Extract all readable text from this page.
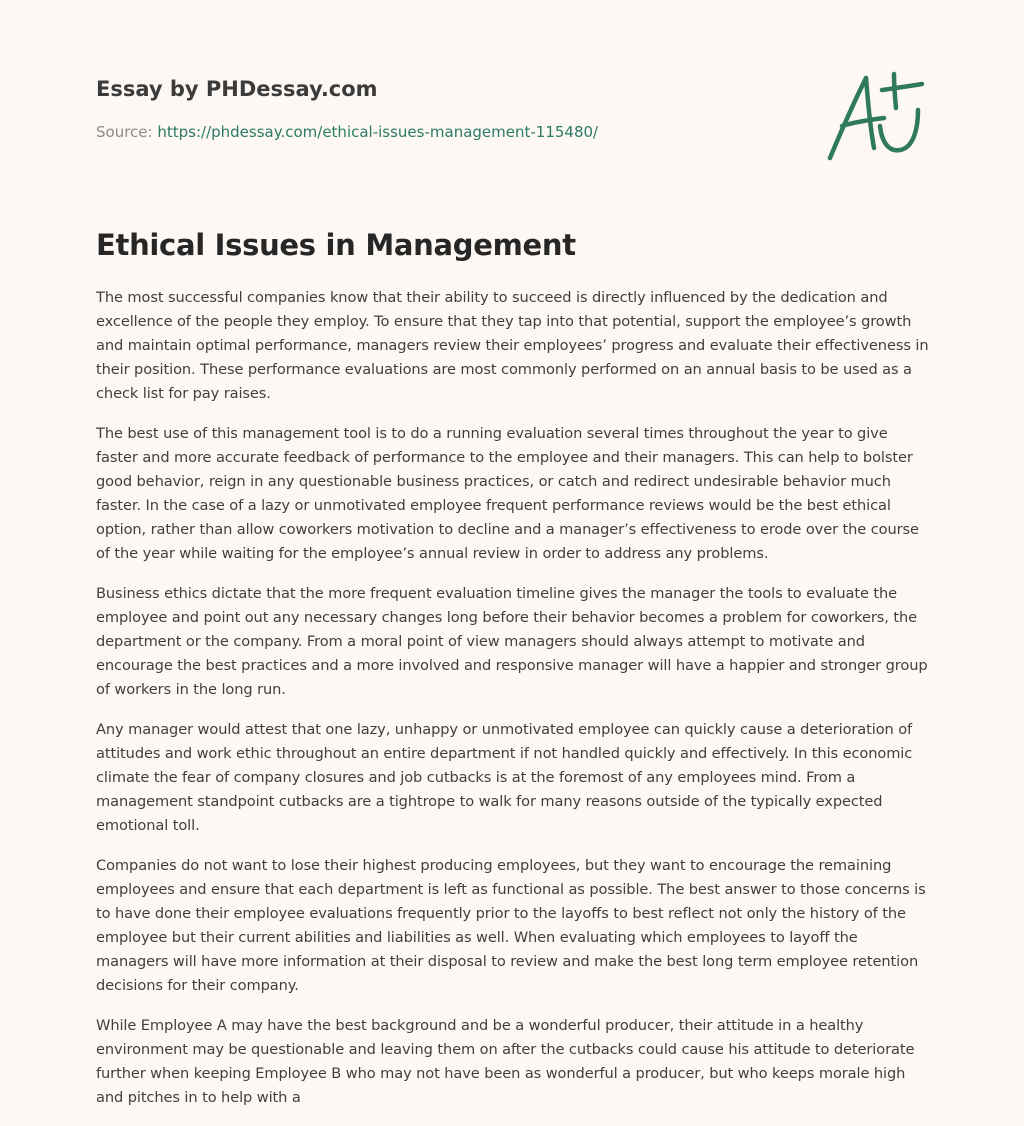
Essay by PHDessay.com
Source: https://phdessay.com/ethical-issues-management-115480/
Ethical Issues in Management

The most successful companies know that their ability to succeed is directly influenced by the dedication and excellence of the people they employ. To ensure that they tap into that potential, support the employee’s growth and maintain optimal performance, managers review their employees’ progress and evaluate their effectiveness in their position. These performance evaluations are most commonly performed on an annual basis to be used as a check list for pay raises.

The best use of this management tool is to do a running evaluation several times throughout the year to give faster and more accurate feedback of performance to the employee and their managers. This can help to bolster good behavior, reign in any questionable business practices, or catch and redirect undesirable behavior much faster. In the case of a lazy or unmotivated employee frequent performance reviews would be the best ethical option, rather than allow coworkers motivation to decline and a manager’s effectiveness to erode over the course of the year while waiting for the employee’s annual review in order to address any problems.

Business ethics dictate that the more frequent evaluation timeline gives the manager the tools to evaluate the employee and point out any necessary changes long before their behavior becomes a problem for coworkers, the department or the company. From a moral point of view managers should always attempt to motivate and encourage the best practices and a more involved and responsive manager will have a happier and stronger group of workers in the long run.

Any manager would attest that one lazy, unhappy or unmotivated employee can quickly cause a deterioration of attitudes and work ethic throughout an entire department if not handled quickly and effectively. In this economic climate the fear of company closures and job cutbacks is at the foremost of any employees mind. From a management standpoint cutbacks are a tightrope to walk for many reasons outside of the typically expected emotional toll.

Companies do not want to lose their highest producing employees, but they want to encourage the remaining employees and ensure that each department is left as functional as possible. The best answer to those concerns is to have done their employee evaluations frequently prior to the layoffs to best reflect not only the history of the employee but their current abilities and liabilities as well. When evaluating which employees to layoff the managers will have more information at their disposal to review and make the best long term employee retention decisions for their company.

While Employee A may have the best background and be a wonderful producer, their attitude in a healthy environment may be questionable and leaving them on after the cutbacks could cause his attitude to deteriorate further when keeping Employee B who may not have been as wonderful a producer, but who keeps morale high and pitches in to help with a
